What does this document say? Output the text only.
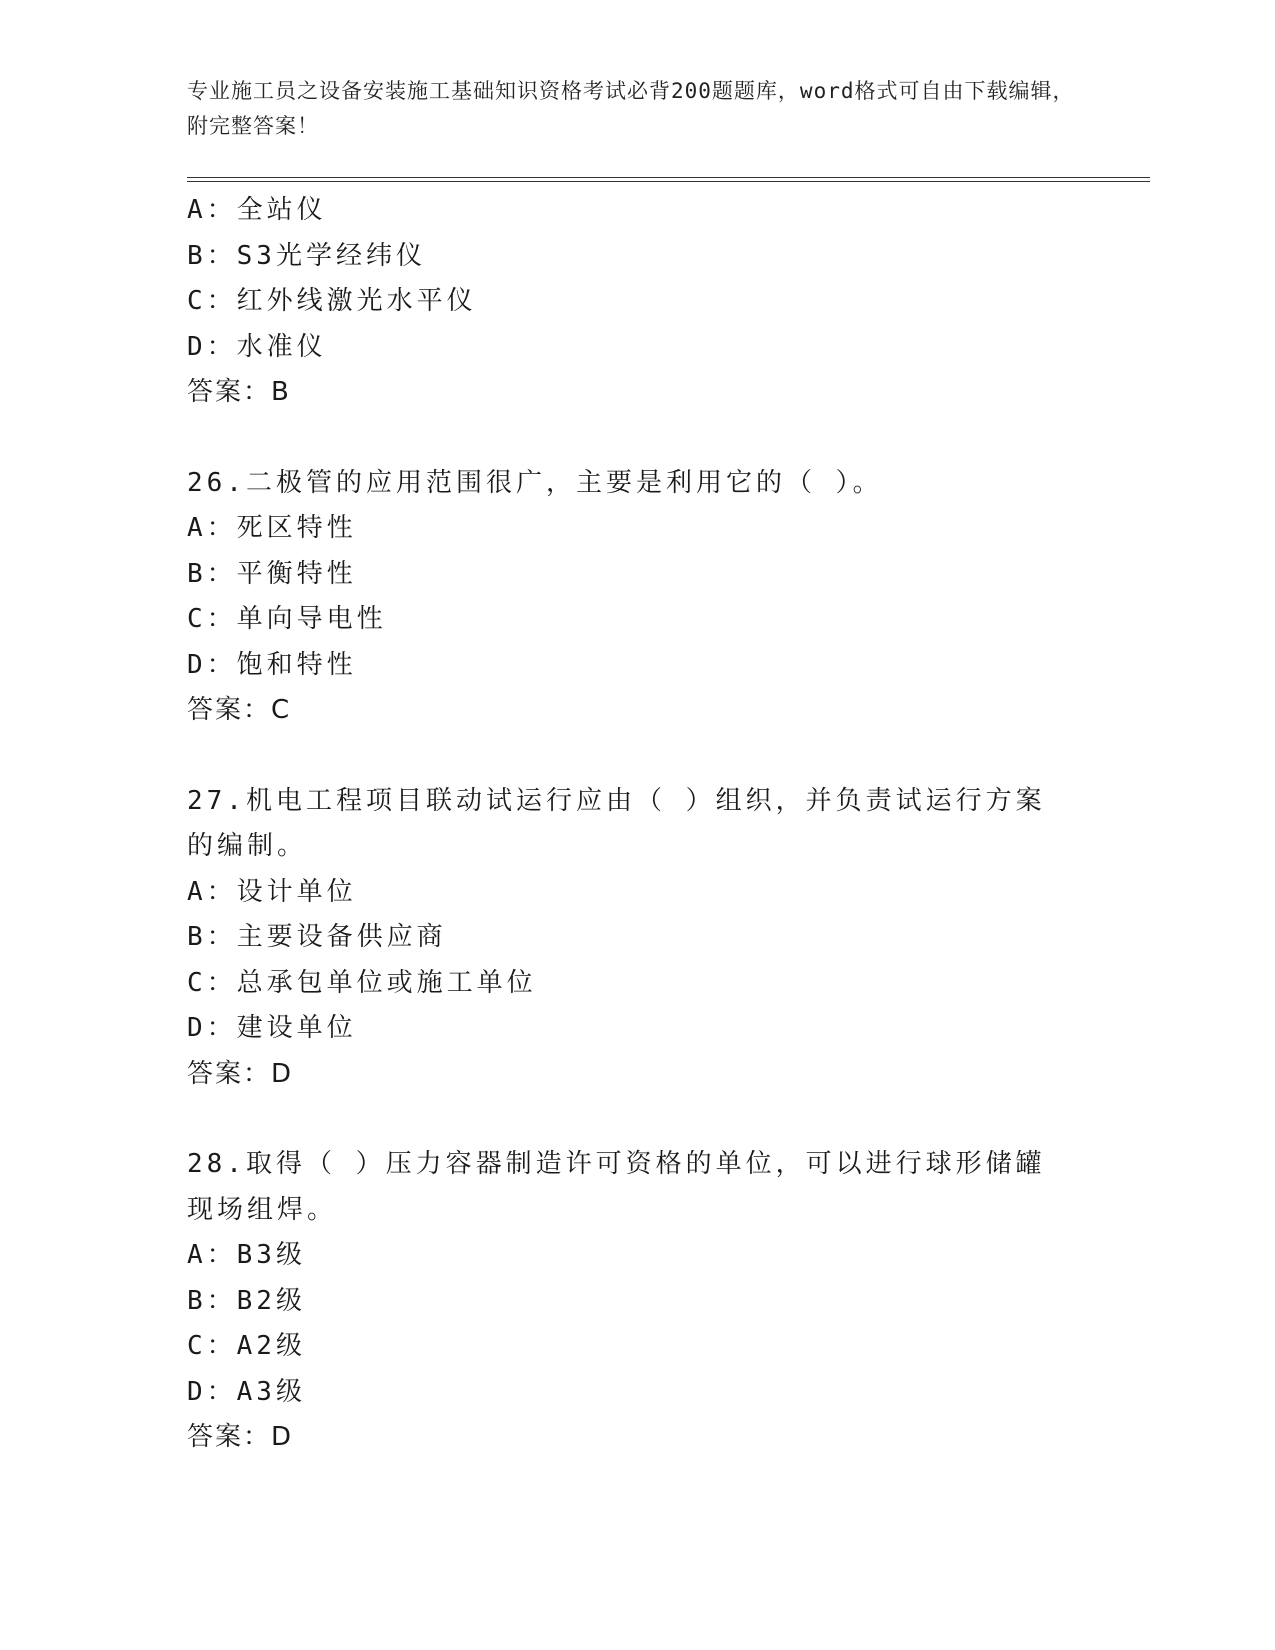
专业施工员之设备安装施工基础知识资格考试必背200题题库，word格式可自由下载编辑，附完整答案！
A：全站仪
B：S3光学经纬仪
C：红外线激光水平仪
D：水准仪
答案：B
26.二极管的应用范围很广，主要是利用它的（ ）。
A：死区特性
B：平衡特性
C：单向导电性
D：饱和特性
答案：C
27.机电工程项目联动试运行应由（ ）组织，并负责试运行方案的编制。
A：设计单位
B：主要设备供应商
C：总承包单位或施工单位
D：建设单位
答案：D
28.取得（ ）压力容器制造许可资格的单位，可以进行球形储罐现场组焊。
A：B3级
B：B2级
C：A2级
D：A3级
答案：D
